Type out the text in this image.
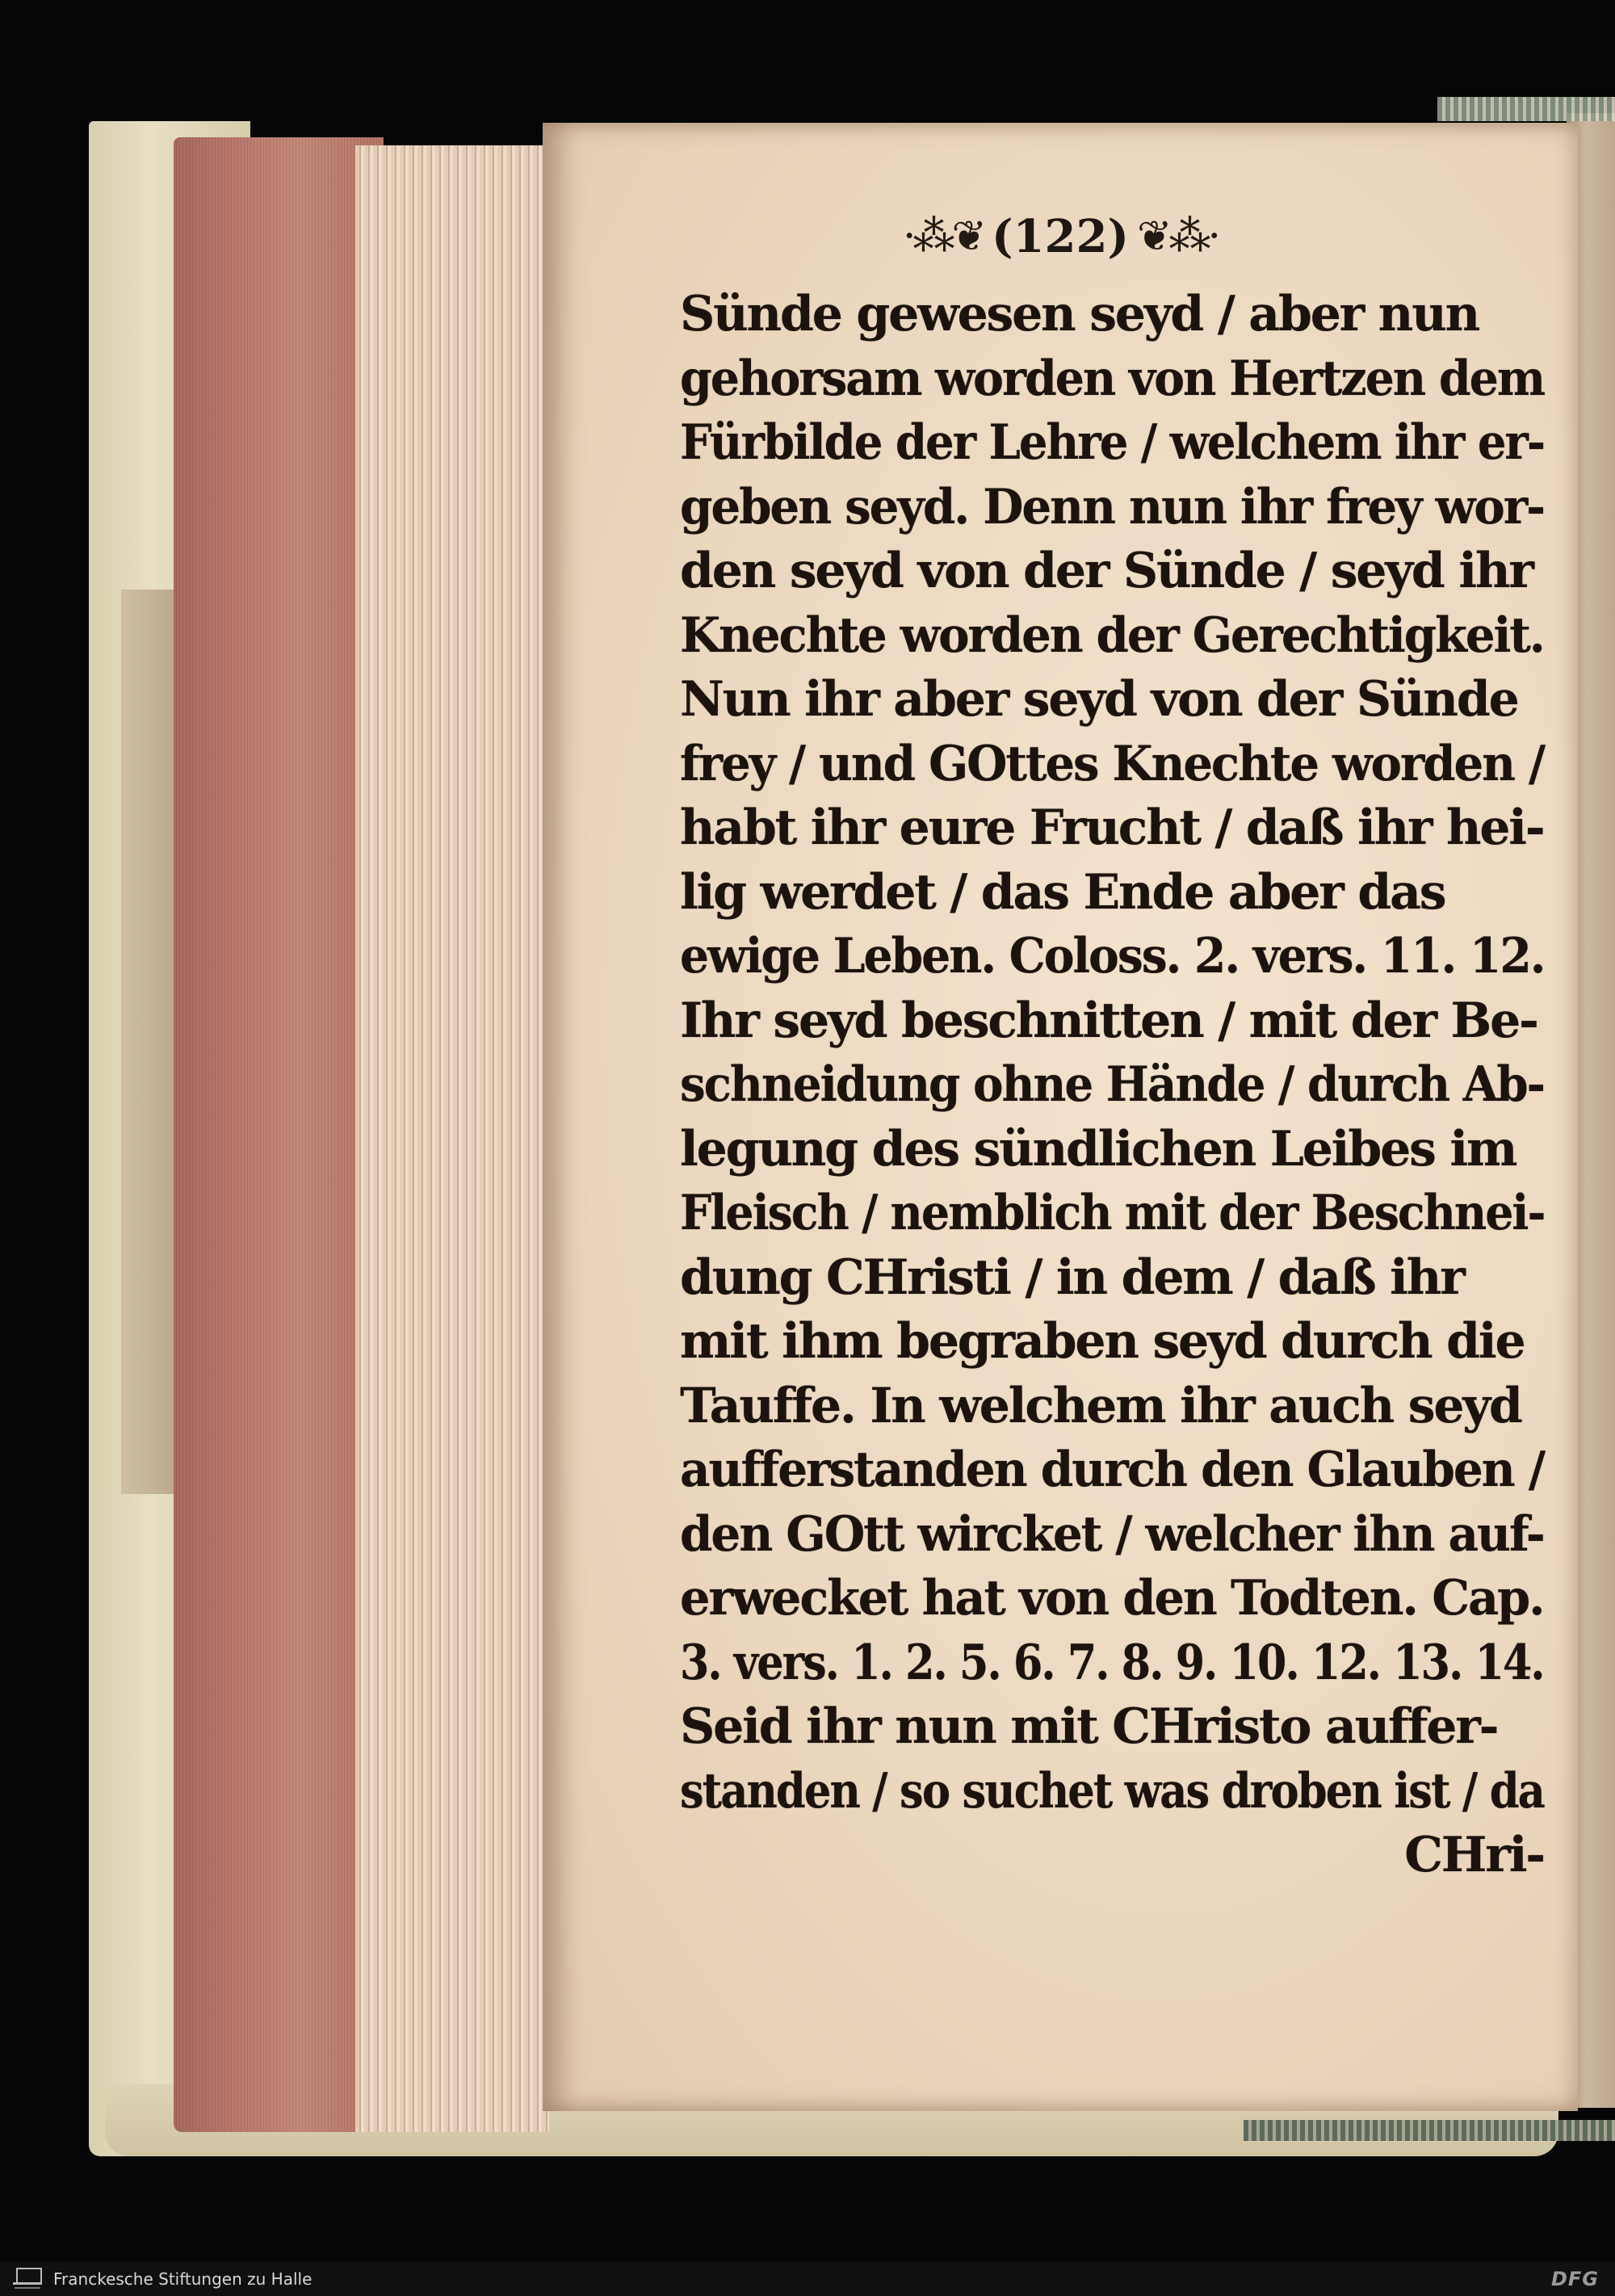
·⁂❦ (122) ❦⁂·
Sünde gewesen seyd / aber nun
gehorsam worden von Hertzen dem
Fürbilde der Lehre / welchem ihr er-
geben seyd. Denn nun ihr frey wor-
den seyd von der Sünde / seyd ihr
Knechte worden der Gerechtigkeit.
Nun ihr aber seyd von der Sünde
frey / und GOttes Knechte worden /
habt ihr eure Frucht / daß ihr hei-
lig werdet / das Ende aber das
ewige Leben. Coloss. 2. vers. 11. 12.
Ihr seyd beschnitten / mit der Be-
schneidung ohne Hände / durch Ab-
legung des sündlichen Leibes im
Fleisch / nemblich mit der Beschnei-
dung CHristi / in dem / daß ihr
mit ihm begraben seyd durch die
Tauffe. In welchem ihr auch seyd
aufferstanden durch den Glauben /
den GOtt wircket / welcher ihn auf-
erwecket hat von den Todten. Cap.
3. vers. 1. 2. 5. 6. 7. 8. 9. 10. 12. 13. 14.
Seid ihr nun mit CHristo auffer-
standen / so suchet was droben ist / da
CHri-
Franckesche Stiftungen zu Halle	DFG
